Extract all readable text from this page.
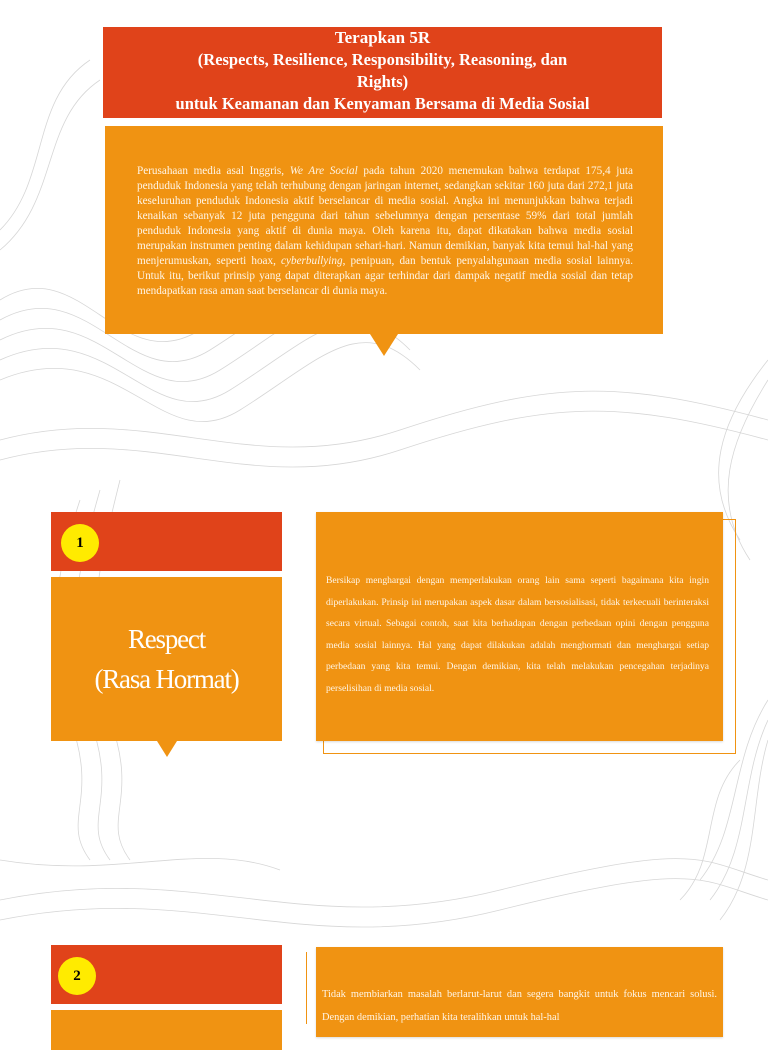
Terapkan 5R
(Respects, Resilience, Responsibility, Reasoning, dan
Rights)
untuk Keamanan dan Kenyaman Bersama di Media Sosial

Perusahaan media asal Inggris, We Are Social pada tahun 2020 menemukan bahwa terdapat 175,4 juta penduduk Indonesia yang telah terhubung dengan jaringan internet, sedangkan sekitar 160 juta dari 272,1 juta keseluruhan penduduk Indonesia aktif berselancar di media sosial. Angka ini menunjukkan bahwa terjadi kenaikan sebanyak 12 juta pengguna dari tahun sebelumnya dengan persentase 59% dari total jumlah penduduk Indonesia yang aktif di dunia maya. Oleh karena itu, dapat dikatakan bahwa media sosial merupakan instrumen penting dalam kehidupan sehari-hari. Namun demikian, banyak kita temui hal-hal yang menjerumuskan, seperti hoax, cyberbullying, penipuan, dan bentuk penyalahgunaan media sosial lainnya. Untuk itu, berikut prinsip yang dapat diterapkan agar terhindar dari dampak negatif media sosial dan tetap mendapatkan rasa aman saat berselancar di dunia maya.

1
Respect
(Rasa Hormat)

Bersikap menghargai dengan memperlakukan orang lain sama seperti bagaimana kita ingin diperlakukan. Prinsip ini merupakan aspek dasar dalam bersosialisasi, tidak terkecuali berinteraksi secara virtual. Sebagai contoh, saat kita berhadapan dengan perbedaan opini dengan pengguna media sosial lainnya. Hal yang dapat dilakukan adalah menghormati dan menghargai setiap perbedaan yang kita temui. Dengan demikian, kita telah melakukan pencegahan terjadinya perselisihan di media sosial.

2

Tidak membiarkan masalah berlarut-larut dan segera bangkit untuk fokus mencari solusi. Dengan demikian, perhatian kita teralihkan untuk hal-hal
